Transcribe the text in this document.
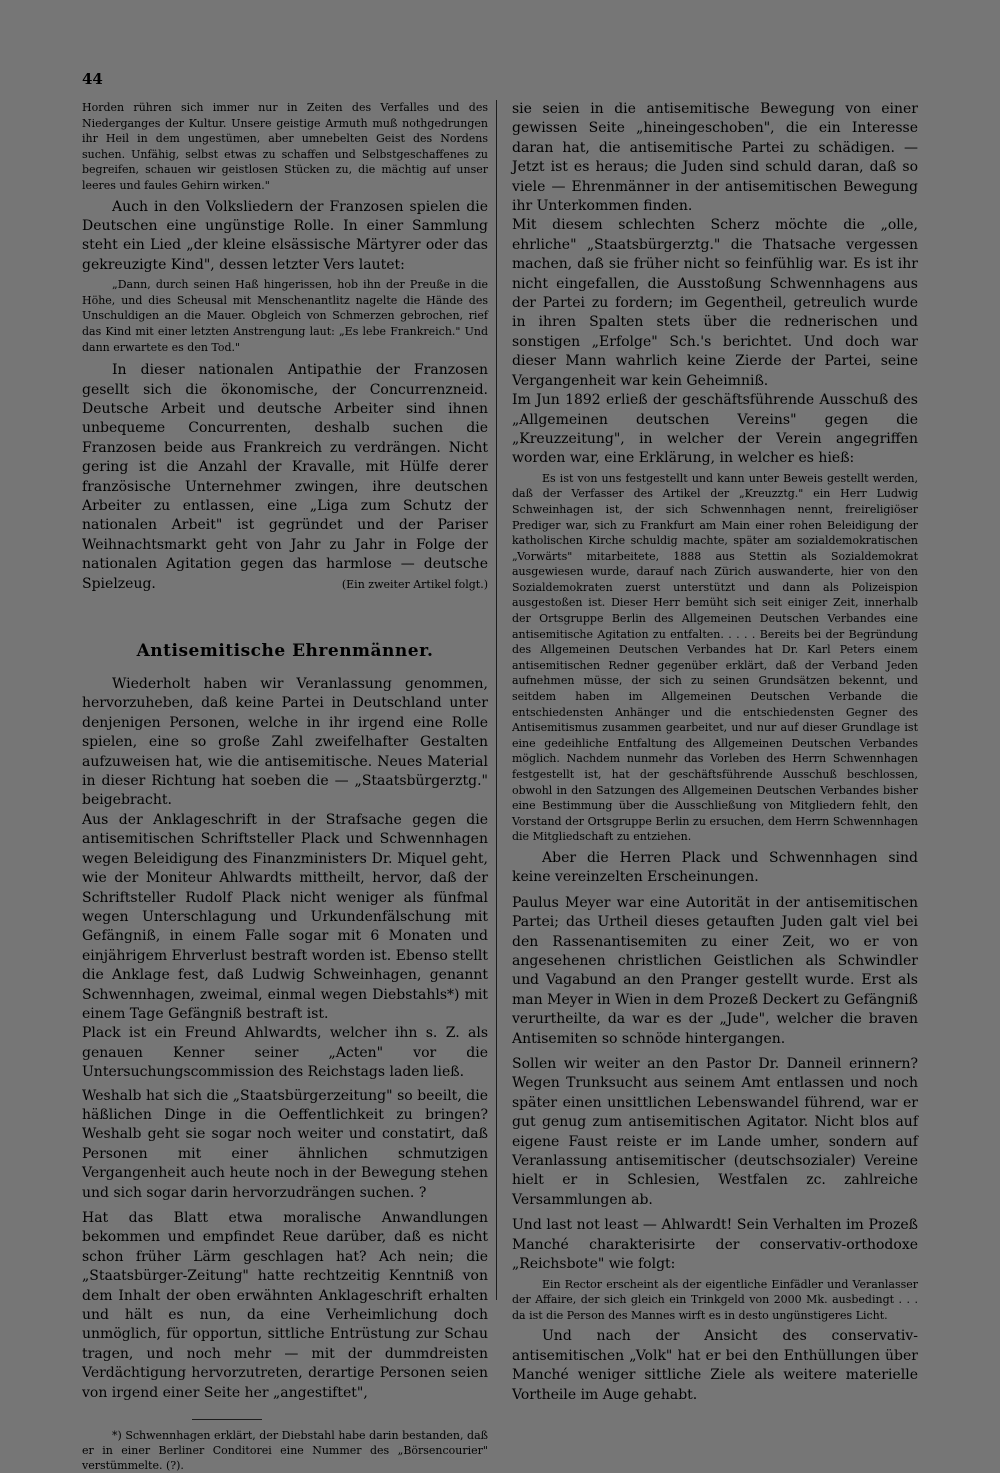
44

Horden rühren sich immer nur in Zeiten des Verfalles und des Niederganges der Kultur. Unsere geistige Armuth muß nothgedrungen ihr Heil in dem ungestümen, aber umnebelten Geist des Nordens suchen. Unfähig, selbst etwas zu schaffen und Selbstgeschaffenes zu begreifen, schauen wir geistlosen Stücken zu, die mächtig auf unser leeres und faules Gehirn wirken."

Auch in den Volksliedern der Franzosen spielen die Deutschen eine ungünstige Rolle. In einer Sammlung steht ein Lied „der kleine elsässische Märtyrer oder das gekreuzigte Kind", dessen letzter Vers lautet:

„Dann, durch seinen Haß hingerissen, hob ihn der Preuße in die Höhe, und dies Scheusal mit Menschenantlitz nagelte die Hände des Unschuldigen an die Mauer. Obgleich von Schmerzen gebrochen, rief das Kind mit einer letzten Anstrengung laut: „Es lebe Frankreich." Und dann erwartete es den Tod."

In dieser nationalen Antipathie der Franzosen gesellt sich die ökonomische, der Concurrenzneid. Deutsche Arbeit und deutsche Arbeiter sind ihnen unbequeme Concurrenten, deshalb suchen die Franzosen beide aus Frankreich zu verdrängen. Nicht gering ist die Anzahl der Kravalle, mit Hülfe derer französische Unternehmer zwingen, ihre deutschen Arbeiter zu entlassen, eine „Liga zum Schutz der nationalen Arbeit" ist gegründet und der Pariser Weihnachtsmarkt geht von Jahr zu Jahr in Folge der nationalen Agitation gegen das harmlose — deutsche Spielzeug.	(Ein zweiter Artikel folgt.)

Antisemitische Ehrenmänner.

Wiederholt haben wir Veranlassung genommen, hervorzuheben, daß keine Partei in Deutschland unter denjenigen Personen, welche in ihr irgend eine Rolle spielen, eine so große Zahl zweifelhafter Gestalten aufzuweisen hat, wie die antisemitische. Neues Material in dieser Richtung hat soeben die — „Staatsbürgerztg." beigebracht.

Aus der Anklageschrift in der Strafsache gegen die antisemitischen Schriftsteller Plack und Schwennhagen wegen Beleidigung des Finanzministers Dr. Miquel geht, wie der Moniteur Ahlwardts mittheilt, hervor, daß der Schriftsteller Rudolf Plack nicht weniger als fünfmal wegen Unterschlagung und Urkundenfälschung mit Gefängniß, in einem Falle sogar mit 6 Monaten und einjährigem Ehrverlust bestraft worden ist. Ebenso stellt die Anklage fest, daß Ludwig Schweinhagen, genannt Schwennhagen, zweimal, einmal wegen Diebstahls*) mit einem Tage Gefängniß bestraft ist.

Plack ist ein Freund Ahlwardts, welcher ihn s. Z. als genauen Kenner seiner „Acten" vor die Untersuchungscommission des Reichstags laden ließ.

Weshalb hat sich die „Staatsbürgerzeitung" so beeilt, die häßlichen Dinge in die Oeffentlichkeit zu bringen? Weshalb geht sie sogar noch weiter und constatirt, daß Personen mit einer ähnlichen schmutzigen Vergangenheit auch heute noch in der Bewegung stehen und sich sogar darin hervorzudrängen suchen. ?

Hat das Blatt etwa moralische Anwandlungen bekommen und empfindet Reue darüber, daß es nicht schon früher Lärm geschlagen hat? Ach nein; die „Staatsbürger-Zeitung" hatte rechtzeitig Kenntniß von dem Inhalt der oben erwähnten Anklageschrift erhalten und hält es nun, da eine Verheimlichung doch unmöglich, für opportun, sittliche Entrüstung zur Schau tragen, und noch mehr — mit der dummdreisten Verdächtigung hervorzutreten, derartige Personen seien von irgend einer Seite her „angestiftet",

*) Schwennhagen erklärt, der Diebstahl habe darin bestanden, daß er in einer Berliner Conditorei eine Nummer des „Börsencourier" verstümmelte. (?).

sie seien in die antisemitische Bewegung von einer gewissen Seite „hineingeschoben", die ein Interesse daran hat, die antisemitische Partei zu schädigen. — Jetzt ist es heraus; die Juden sind schuld daran, daß so viele — Ehrenmänner in der antisemitischen Bewegung ihr Unterkommen finden.

Mit diesem schlechten Scherz möchte die „olle, ehrliche" „Staatsbürgerztg." die Thatsache vergessen machen, daß sie früher nicht so feinfühlig war. Es ist ihr nicht eingefallen, die Ausstoßung Schwennhagens aus der Partei zu fordern; im Gegentheil, getreulich wurde in ihren Spalten stets über die rednerischen und sonstigen „Erfolge" Sch.'s berichtet. Und doch war dieser Mann wahrlich keine Zierde der Partei, seine Vergangenheit war kein Geheimniß.

Im Jun 1892 erließ der geschäftsführende Ausschuß des „Allgemeinen deutschen Vereins" gegen die „Kreuzzeitung", in welcher der Verein angegriffen worden war, eine Erklärung, in welcher es hieß:

Es ist von uns festgestellt und kann unter Beweis gestellt werden, daß der Verfasser des Artikel der „Kreuzztg." ein Herr Ludwig Schweinhagen ist, der sich Schwennhagen nennt, freireligiöser Prediger war, sich zu Frankfurt am Main einer rohen Beleidigung der katholischen Kirche schuldig machte, später am sozialdemokratischen „Vorwärts" mitarbeitete, 1888 aus Stettin als Sozialdemokrat ausgewiesen wurde, darauf nach Zürich auswanderte, hier von den Sozialdemokraten zuerst unterstützt und dann als Polizeispion ausgestoßen ist. Dieser Herr bemüht sich seit einiger Zeit, innerhalb der Ortsgruppe Berlin des Allgemeinen Deutschen Verbandes eine antisemitische Agitation zu entfalten. . . . . Bereits bei der Begründung des Allgemeinen Deutschen Verbandes hat Dr. Karl Peters einem antisemitischen Redner gegenüber erklärt, daß der Verband Jeden aufnehmen müsse, der sich zu seinen Grundsätzen bekennt, und seitdem haben im Allgemeinen Deutschen Verbande die entschiedensten Anhänger und die entschiedensten Gegner des Antisemitismus zusammen gearbeitet, und nur auf dieser Grundlage ist eine gedeihliche Entfaltung des Allgemeinen Deutschen Verbandes möglich. Nachdem nunmehr das Vorleben des Herrn Schwennhagen festgestellt ist, hat der geschäftsführende Ausschuß beschlossen, obwohl in den Satzungen des Allgemeinen Deutschen Verbandes bisher eine Bestimmung über die Ausschließung von Mitgliedern fehlt, den Vorstand der Ortsgruppe Berlin zu ersuchen, dem Herrn Schwennhagen die Mitgliedschaft zu entziehen.

Aber die Herren Plack und Schwennhagen sind keine vereinzelten Erscheinungen.

Paulus Meyer war eine Autorität in der antisemitischen Partei; das Urtheil dieses getauften Juden galt viel bei den Rassenantisemiten zu einer Zeit, wo er von angesehenen christlichen Geistlichen als Schwindler und Vagabund an den Pranger gestellt wurde. Erst als man Meyer in Wien in dem Prozeß Deckert zu Gefängniß verurtheilte, da war es der „Jude", welcher die braven Antisemiten so schnöde hintergangen.

Sollen wir weiter an den Pastor Dr. Danneil erinnern? Wegen Trunksucht aus seinem Amt entlassen und noch später einen unsittlichen Lebenswandel führend, war er gut genug zum antisemitischen Agitator. Nicht blos auf eigene Faust reiste er im Lande umher, sondern auf Veranlassung antisemitischer (deutschsozialer) Vereine hielt er in Schlesien, Westfalen zc. zahlreiche Versammlungen ab.

Und last not least — Ahlwardt! Sein Verhalten im Prozeß Manché charakterisirte der conservativ-orthodoxe „Reichsbote" wie folgt:

Ein Rector erscheint als der eigentliche Einfädler und Veranlasser der Affaire, der sich gleich ein Trinkgeld von 2000 Mk. ausbedingt . . . da ist die Person des Mannes wirft es in desto ungünstigeres Licht.

Und nach der Ansicht des conservativ-antisemitischen „Volk" hat er bei den Enthüllungen über Manché weniger sittliche Ziele als weitere materielle Vortheile im Auge gehabt.
